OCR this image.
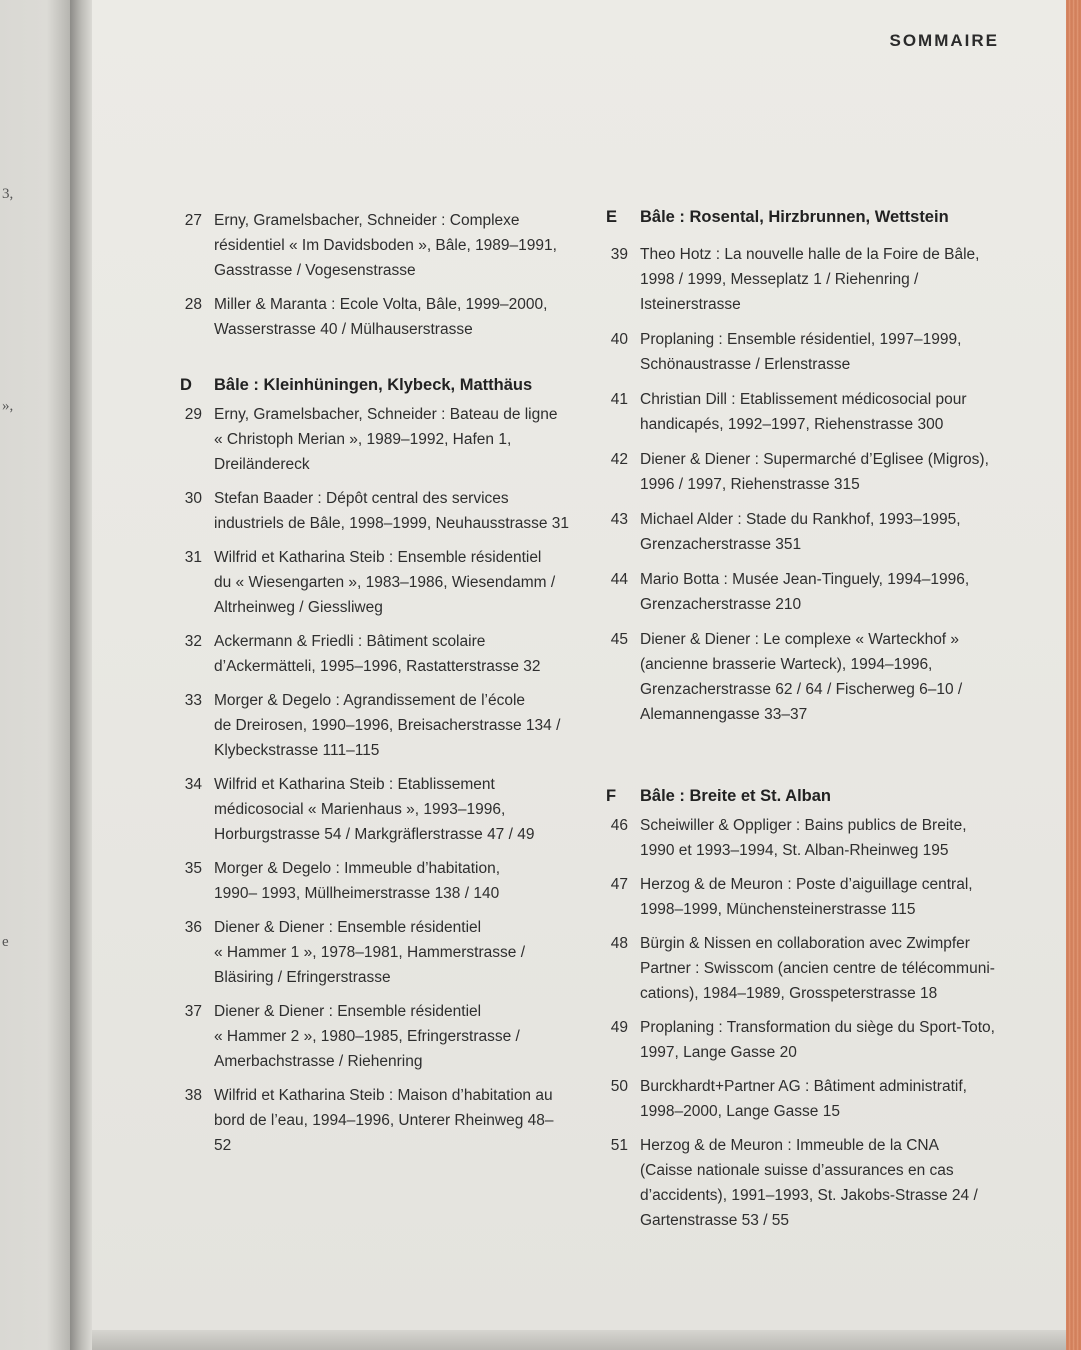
3,
»,
e
SOMMAIRE
27 Erny, Gramelsbacher, Schneider : Complexe
résidentiel « Im Davidsboden », Bâle, 1989–1991,
Gasstrasse / Vogesenstrasse
28 Miller & Maranta : Ecole Volta, Bâle, 1999–2000,
Wasserstrasse 40 / Mülhauserstrasse
D Bâle : Kleinhüningen, Klybeck, Matthäus
29 Erny, Gramelsbacher, Schneider : Bateau de ligne
« Christoph Merian », 1989–1992, Hafen 1,
Dreiländereck
30 Stefan Baader : Dépôt central des services
industriels de Bâle, 1998–1999, Neuhausstrasse 31
31 Wilfrid et Katharina Steib : Ensemble résidentiel
du « Wiesengarten », 1983–1986, Wiesendamm /
Altrheinweg / Giessliweg
32 Ackermann & Friedli : Bâtiment scolaire
d’Ackermätteli, 1995–1996, Rastatterstrasse 32
33 Morger & Degelo : Agrandissement de l’école
de Dreirosen, 1990–1996, Breisacherstrasse 134 /
Klybeckstrasse 111–115
34 Wilfrid et Katharina Steib : Etablissement
médicosocial « Marienhaus », 1993–1996,
Horburgstrasse 54 / Markgräflerstrasse 47 / 49
35 Morger & Degelo : Immeuble d’habitation,
1990– 1993, Müllheimerstrasse 138 / 140
36 Diener & Diener : Ensemble résidentiel
« Hammer 1 », 1978–1981, Hammerstrasse /
Bläsiring / Efringerstrasse
37 Diener & Diener : Ensemble résidentiel
« Hammer 2 », 1980–1985, Efringerstrasse /
Amerbachstrasse / Riehenring
38 Wilfrid et Katharina Steib : Maison d’habitation au
bord de l’eau, 1994–1996, Unterer Rheinweg 48–52
E Bâle : Rosental, Hirzbrunnen, Wettstein
39 Theo Hotz : La nouvelle halle de la Foire de Bâle,
1998 / 1999, Messeplatz 1 / Riehenring / Isteinerstrasse
40 Proplaning : Ensemble résidentiel, 1997–1999,
Schönaustrasse / Erlenstrasse
41 Christian Dill : Etablissement médicosocial pour
handicapés, 1992–1997, Riehenstrasse 300
42 Diener & Diener : Supermarché d’Eglisee (Migros),
1996 / 1997, Riehenstrasse 315
43 Michael Alder : Stade du Rankhof, 1993–1995,
Grenzacherstrasse 351
44 Mario Botta : Musée Jean-Tinguely, 1994–1996,
Grenzacherstrasse 210
45 Diener & Diener : Le complexe « Warteckhof »
(ancienne brasserie Warteck), 1994–1996,
Grenzacherstrasse 62 / 64 / Fischerweg 6–10 /
Alemannengasse 33–37
F Bâle : Breite et St. Alban
46 Scheiwiller & Oppliger : Bains publics de Breite,
1990 et 1993–1994, St. Alban-Rheinweg 195
47 Herzog & de Meuron : Poste d’aiguillage central,
1998–1999, Münchensteinerstrasse 115
48 Bürgin & Nissen en collaboration avec Zwimpfer
Partner : Swisscom (ancien centre de télécommuni-
cations), 1984–1989, Grosspeterstrasse 18
49 Proplaning : Transformation du siège du Sport-Toto,
1997, Lange Gasse 20
50 Burckhardt+Partner AG : Bâtiment administratif,
1998–2000, Lange Gasse 15
51 Herzog & de Meuron : Immeuble de la CNA
(Caisse nationale suisse d’assurances en cas
d’accidents), 1991–1993, St. Jakobs-Strasse 24 /
Gartenstrasse 53 / 55
